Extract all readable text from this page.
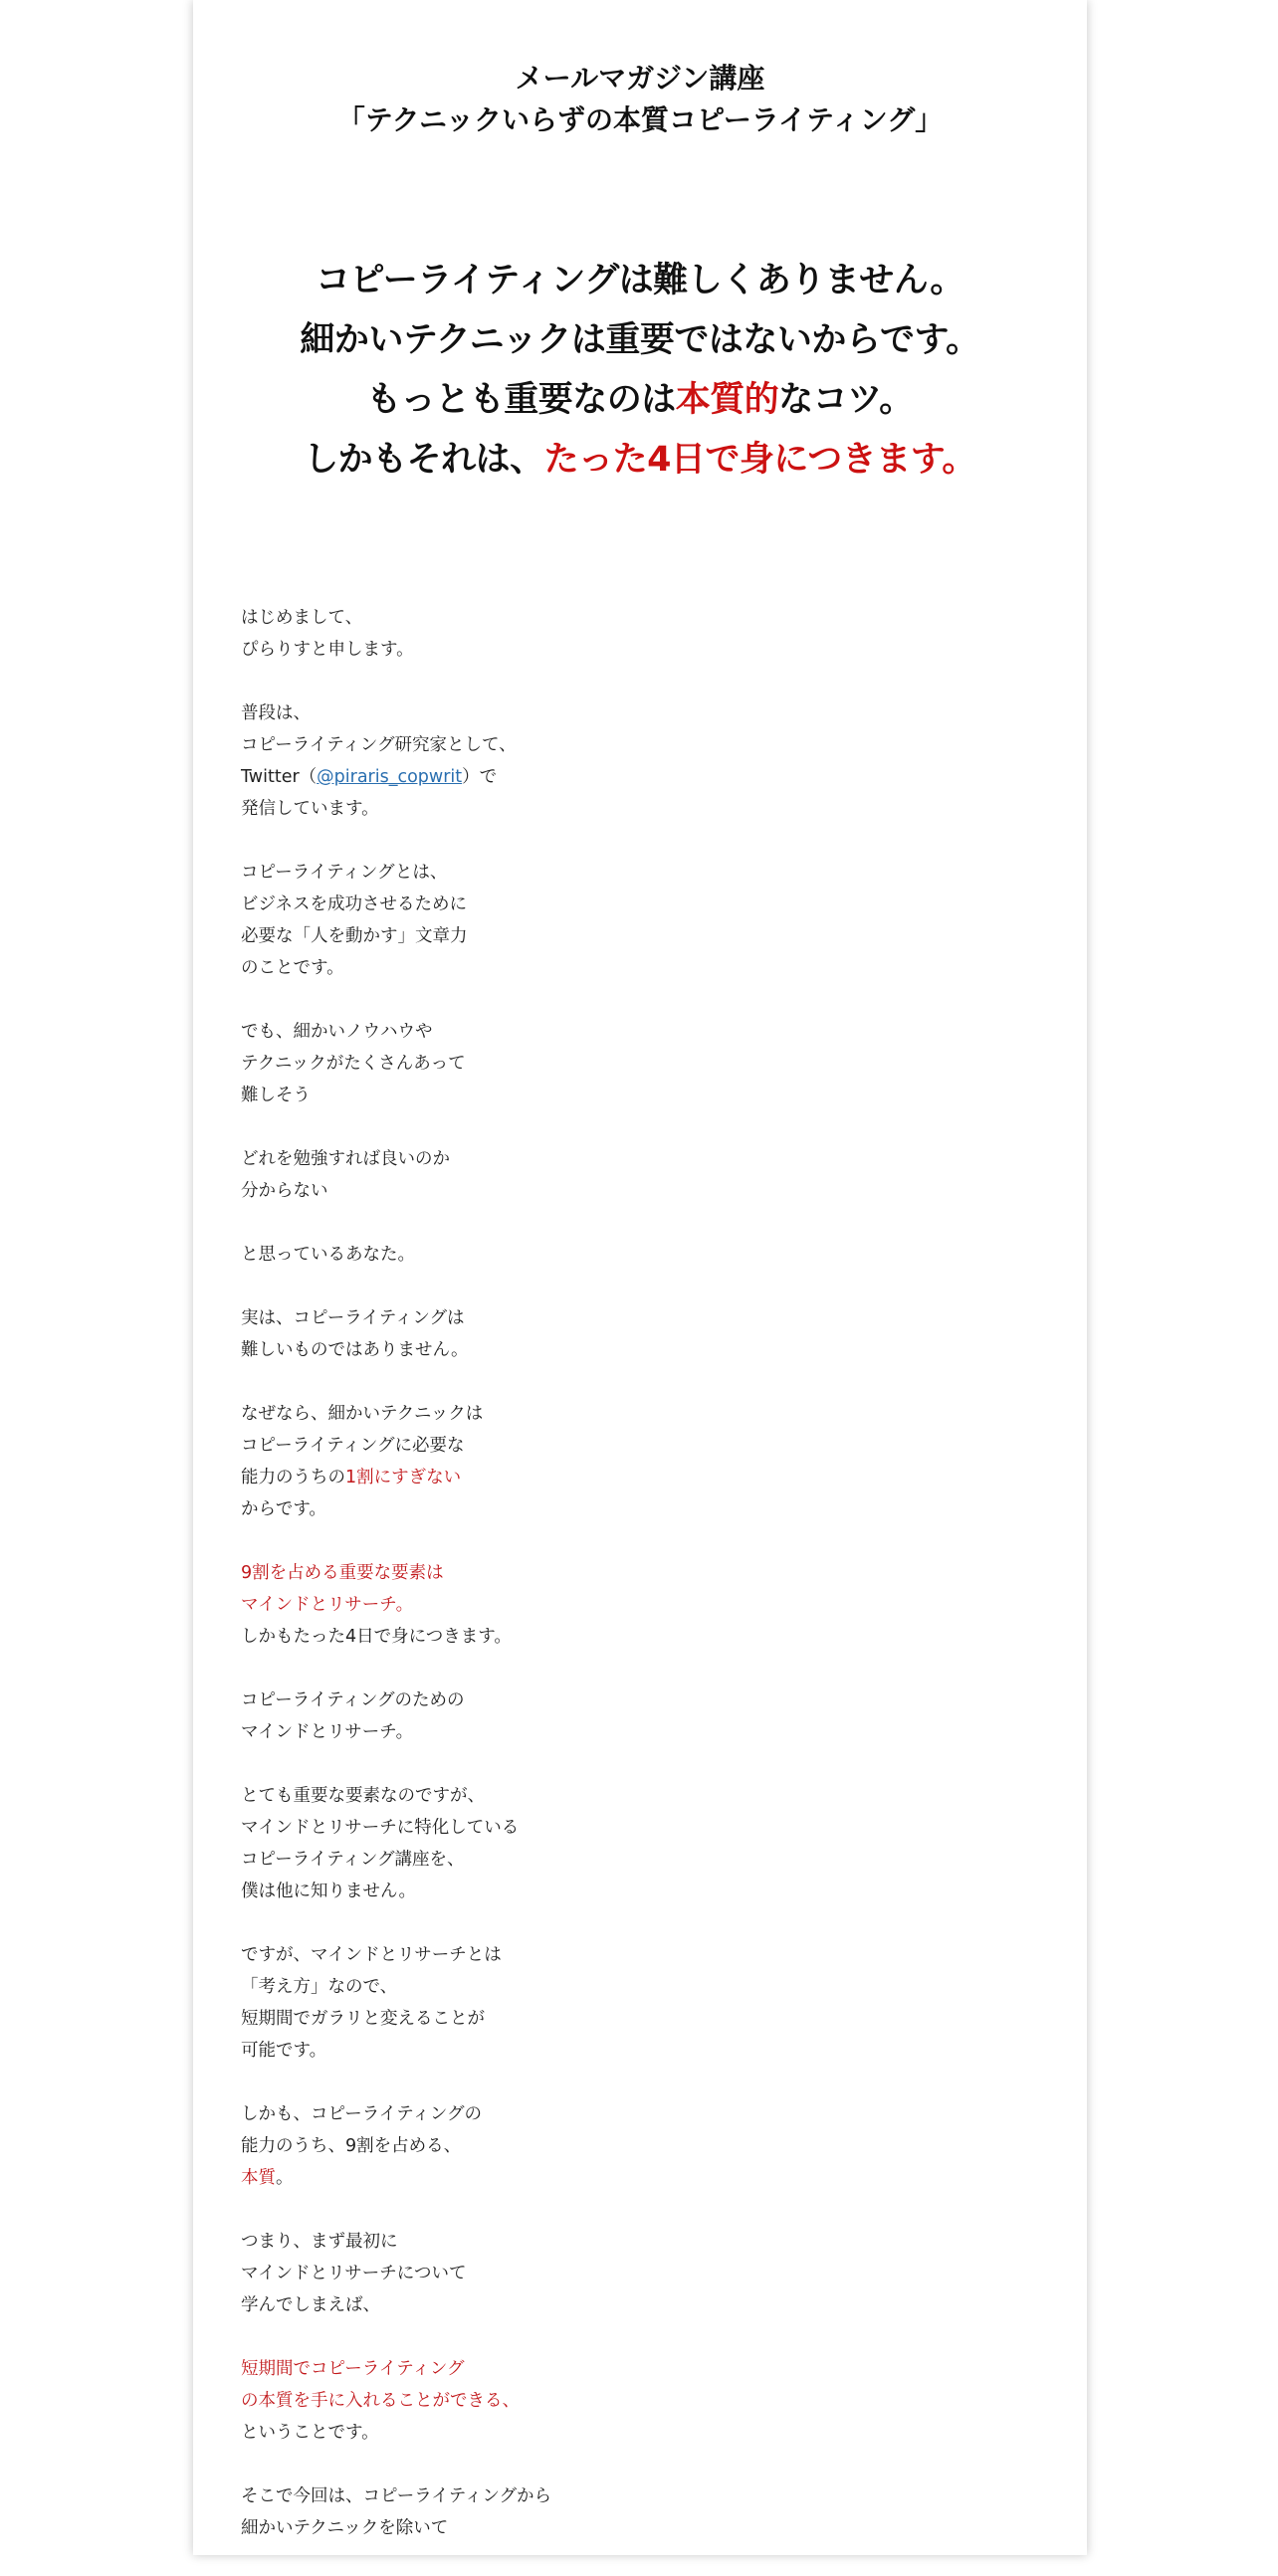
メールマガジン講座
「テクニックいらずの本質コピーライティング」
コピーライティングは難しくありません。
細かいテクニックは重要ではないからです。
もっとも重要なのは本質的なコツ。
しかもそれは、たった4日で身につきます。
はじめまして、
ぴらりすと申します。
普段は、
コピーライティング研究家として、
Twitter（@piraris_copwrit）で
発信しています。
コピーライティングとは、
ビジネスを成功させるために
必要な「人を動かす」文章力
のことです。
でも、細かいノウハウや
テクニックがたくさんあって
難しそう
どれを勉強すれば良いのか
分からない
と思っているあなた。
実は、コピーライティングは
難しいものではありません。
なぜなら、細かいテクニックは
コピーライティングに必要な
能力のうちの1割にすぎない
からです。
9割を占める重要な要素は
マインドとリサーチ。
しかもたった4日で身につきます。
コピーライティングのための
マインドとリサーチ。
とても重要な要素なのですが、
マインドとリサーチに特化している
コピーライティング講座を、
僕は他に知りません。
ですが、マインドとリサーチとは
「考え方」なので、
短期間でガラリと変えることが
可能です。
しかも、コピーライティングの
能力のうち、9割を占める、
本質。
つまり、まず最初に
マインドとリサーチについて
学んでしまえば、
短期間でコピーライティング
の本質を手に入れることができる、
ということです。
そこで今回は、コピーライティングから
細かいテクニックを除いて
